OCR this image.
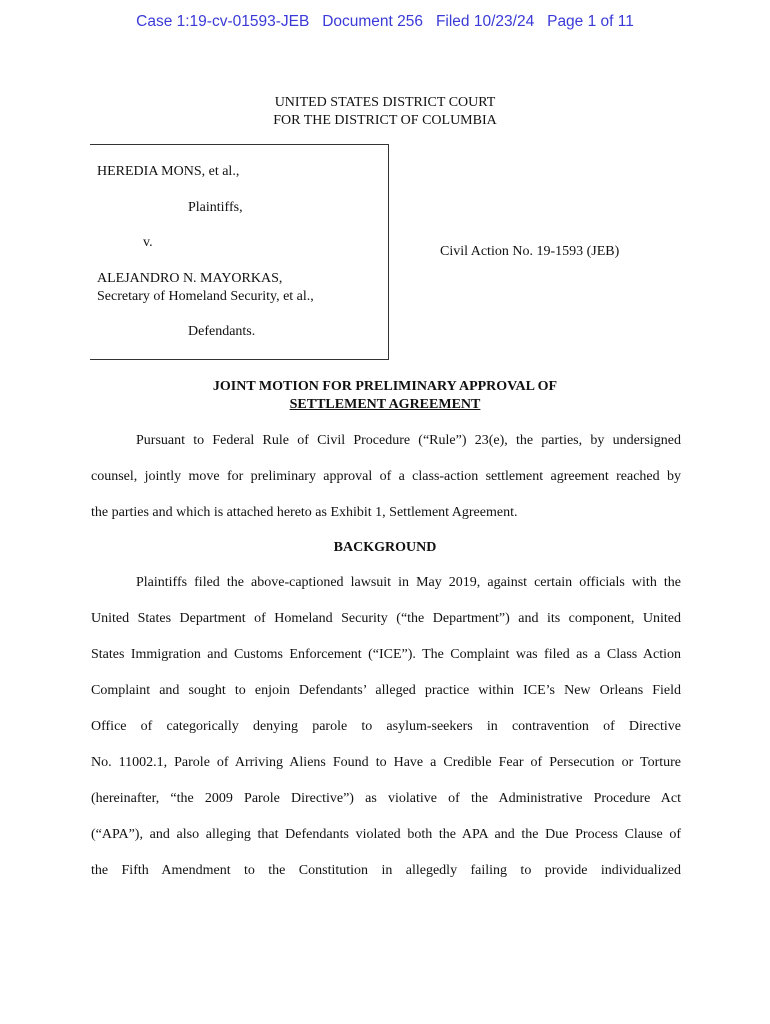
Case 1:19-cv-01593-JEB   Document 256   Filed 10/23/24   Page 1 of 11
UNITED STATES DISTRICT COURT
FOR THE DISTRICT OF COLUMBIA
HEREDIA MONS, et al.,
Plaintiffs,
v.
ALEJANDRO N. MAYORKAS,
Secretary of Homeland Security, et al.,
Defendants.
Civil Action No. 19-1593 (JEB)
JOINT MOTION FOR PRELIMINARY APPROVAL OF
SETTLEMENT AGREEMENT
Pursuant to Federal Rule of Civil Procedure (“Rule”) 23(e), the parties, by undersigned
counsel, jointly move for preliminary approval of a class-action settlement agreement reached by
the parties and which is attached hereto as Exhibit 1, Settlement Agreement.
BACKGROUND
Plaintiffs filed the above-captioned lawsuit in May 2019, against certain officials with the
United States Department of Homeland Security (“the Department”) and its component, United
States Immigration and Customs Enforcement (“ICE”). The Complaint was filed as a Class Action
Complaint and sought to enjoin Defendants’ alleged practice within ICE’s New Orleans Field
Office of categorically denying parole to asylum-seekers in contravention of Directive
No. 11002.1, Parole of Arriving Aliens Found to Have a Credible Fear of Persecution or Torture
(hereinafter, “the 2009 Parole Directive”) as violative of the Administrative Procedure Act
(“APA”), and also alleging that Defendants violated both the APA and the Due Process Clause of
the Fifth Amendment to the Constitution in allegedly failing to provide individualized
